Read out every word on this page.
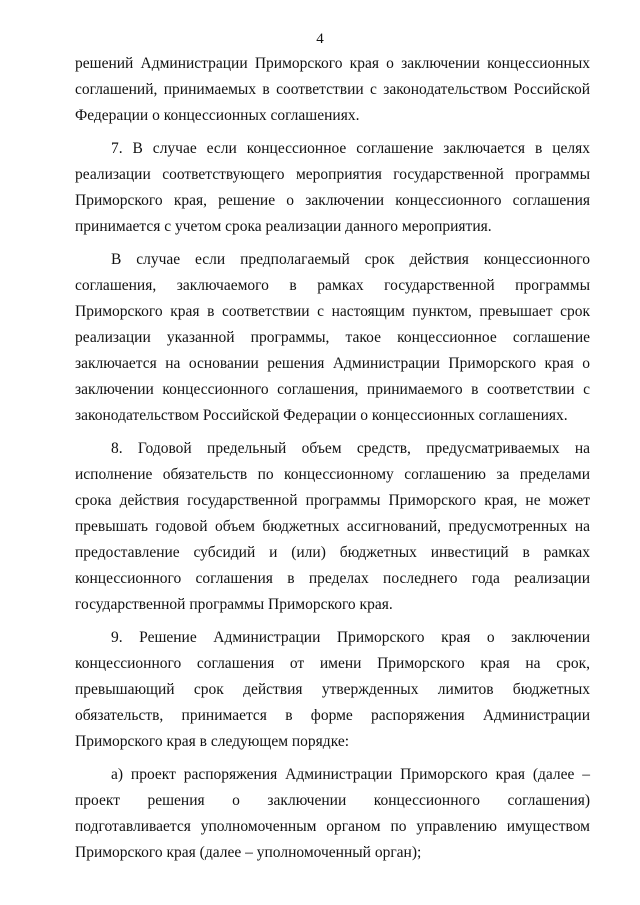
4

решений Администрации Приморского края о заключении концессионных соглашений, принимаемых в соответствии с законодательством Российской Федерации о концессионных соглашениях.

7. В случае если концессионное соглашение заключается в целях реализации соответствующего мероприятия государственной программы Приморского края, решение о заключении концессионного соглашения принимается с учетом срока реализации данного мероприятия.

В случае если предполагаемый срок действия концессионного соглашения, заключаемого в рамках государственной программы Приморского края в соответствии с настоящим пунктом, превышает срок реализации указанной программы, такое концессионное соглашение заключается на основании решения Администрации Приморского края о заключении концессионного соглашения, принимаемого в соответствии с законодательством Российской Федерации о концессионных соглашениях.

8. Годовой предельный объем средств, предусматриваемых на исполнение обязательств по концессионному соглашению за пределами срока действия государственной программы Приморского края, не может превышать годовой объем бюджетных ассигнований, предусмотренных на предоставление субсидий и (или) бюджетных инвестиций в рамках концессионного соглашения в пределах последнего года реализации государственной программы Приморского края.

9. Решение Администрации Приморского края о заключении концессионного соглашения от имени Приморского края на срок, превышающий срок действия утвержденных лимитов бюджетных обязательств, принимается в форме распоряжения Администрации Приморского края в следующем порядке:

а) проект распоряжения Администрации Приморского края (далее – проект решения о заключении концессионного соглашения) подготавливается уполномоченным органом по управлению имуществом Приморского края (далее – уполномоченный орган);
